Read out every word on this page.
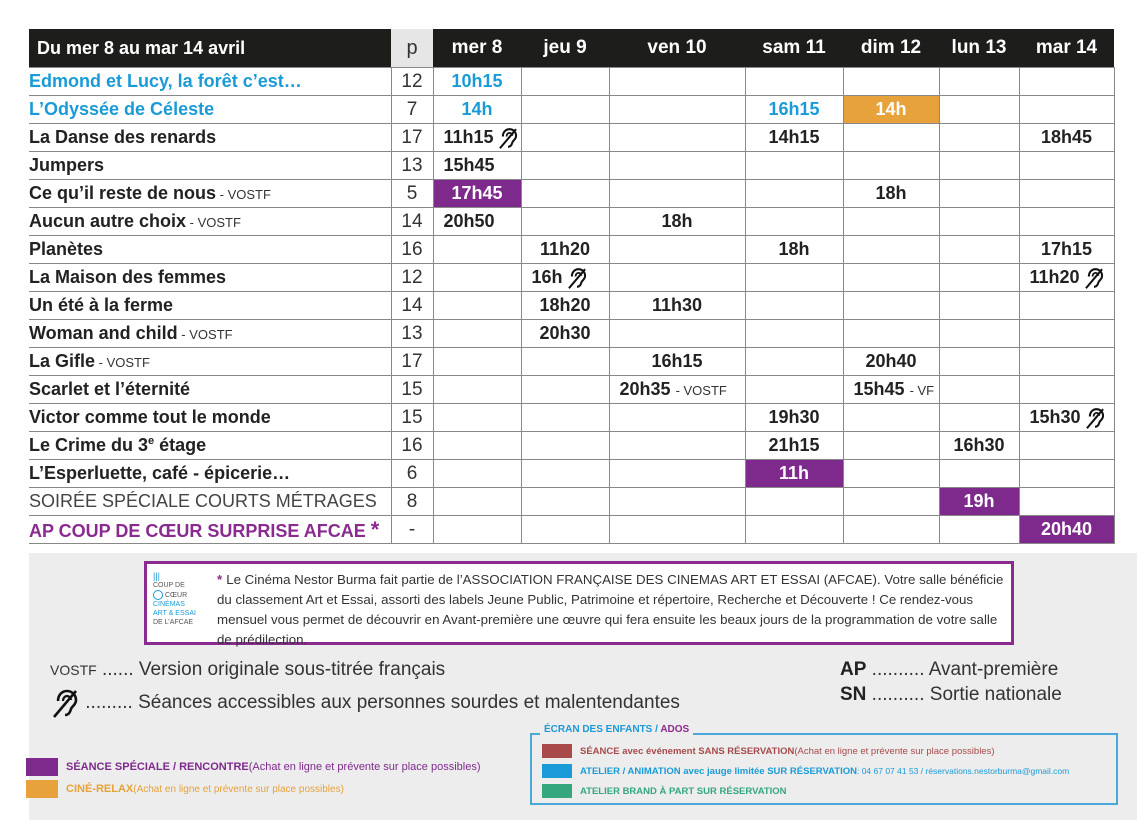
Du mer 8 au mar 14 avril	p	mer 8	jeu 9	ven 10	sam 11	dim 12	lun 13	mar 14
Edmond et Lucy, la forêt c’est…	12	10h15						
L’Odyssée de Céleste	7	14h			16h15	14h		
La Danse des renards	17	11h15			14h15			18h45
Jumpers	13	15h45						
Ce qu’il reste de nous - VOSTF	5	17h45				18h		
Aucun autre choix - VOSTF	14	20h50		18h				
Planètes	16		11h20		18h			17h15
La Maison des femmes	12		16h					11h20
Un été à la ferme	14		18h20	11h30				
Woman and child - VOSTF	13		20h30					
La Gifle - VOSTF	17			16h15		20h40		
Scarlet et l’éternité	15			20h35 - VOSTF		15h45 - VF		
Victor comme tout le monde	15				19h30			15h30
Le Crime du 3e étage	16				21h15		16h30	
L’Esperluette, café - épicerie…	6				11h			
SOIRÉE SPÉCIALE COURTS MÉTRAGES	8						19h	
AP COUP DE CŒUR SURPRISE AFCAE *	-							20h40
|||
COUP DE
CŒUR
CINÉMAS
ART & ESSAI
DE L’AFCAE
* Le Cinéma Nestor Burma fait partie de l’ASSOCIATION FRANÇAISE DES CINEMAS ART ET ESSAI (AFCAE). Votre salle bénéficie du classement Art et Essai, assorti des labels Jeune Public, Patrimoine et répertoire, Recherche et Découverte ! Ce rendez-vous mensuel vous permet de découvrir en Avant-première une œuvre qui fera ensuite les beaux jours de la programmation de votre salle de prédilection.
VOSTF ...... Version originale sous-titrée français
......... Séances accessibles aux personnes sourdes et malentendantes
AP .......... Avant-première
SN .......... Sortie nationale
SÉANCE avec événement SANS RÉSERVATION (Achat en ligne et prévente sur place possibles)
ATELIER / ANIMATION avec jauge limitée SUR RÉSERVATION : 04 67 07 41 53 / réservations.nestorburma@gmail.com
ATELIER BRAND À PART SUR RÉSERVATION
ÉCRAN DES ENFANTS / ADOS
SÉANCE SPÉCIALE / RENCONTRE (Achat en ligne et prévente sur place possibles)
CINÉ-RELAX (Achat en ligne et prévente sur place possibles)
